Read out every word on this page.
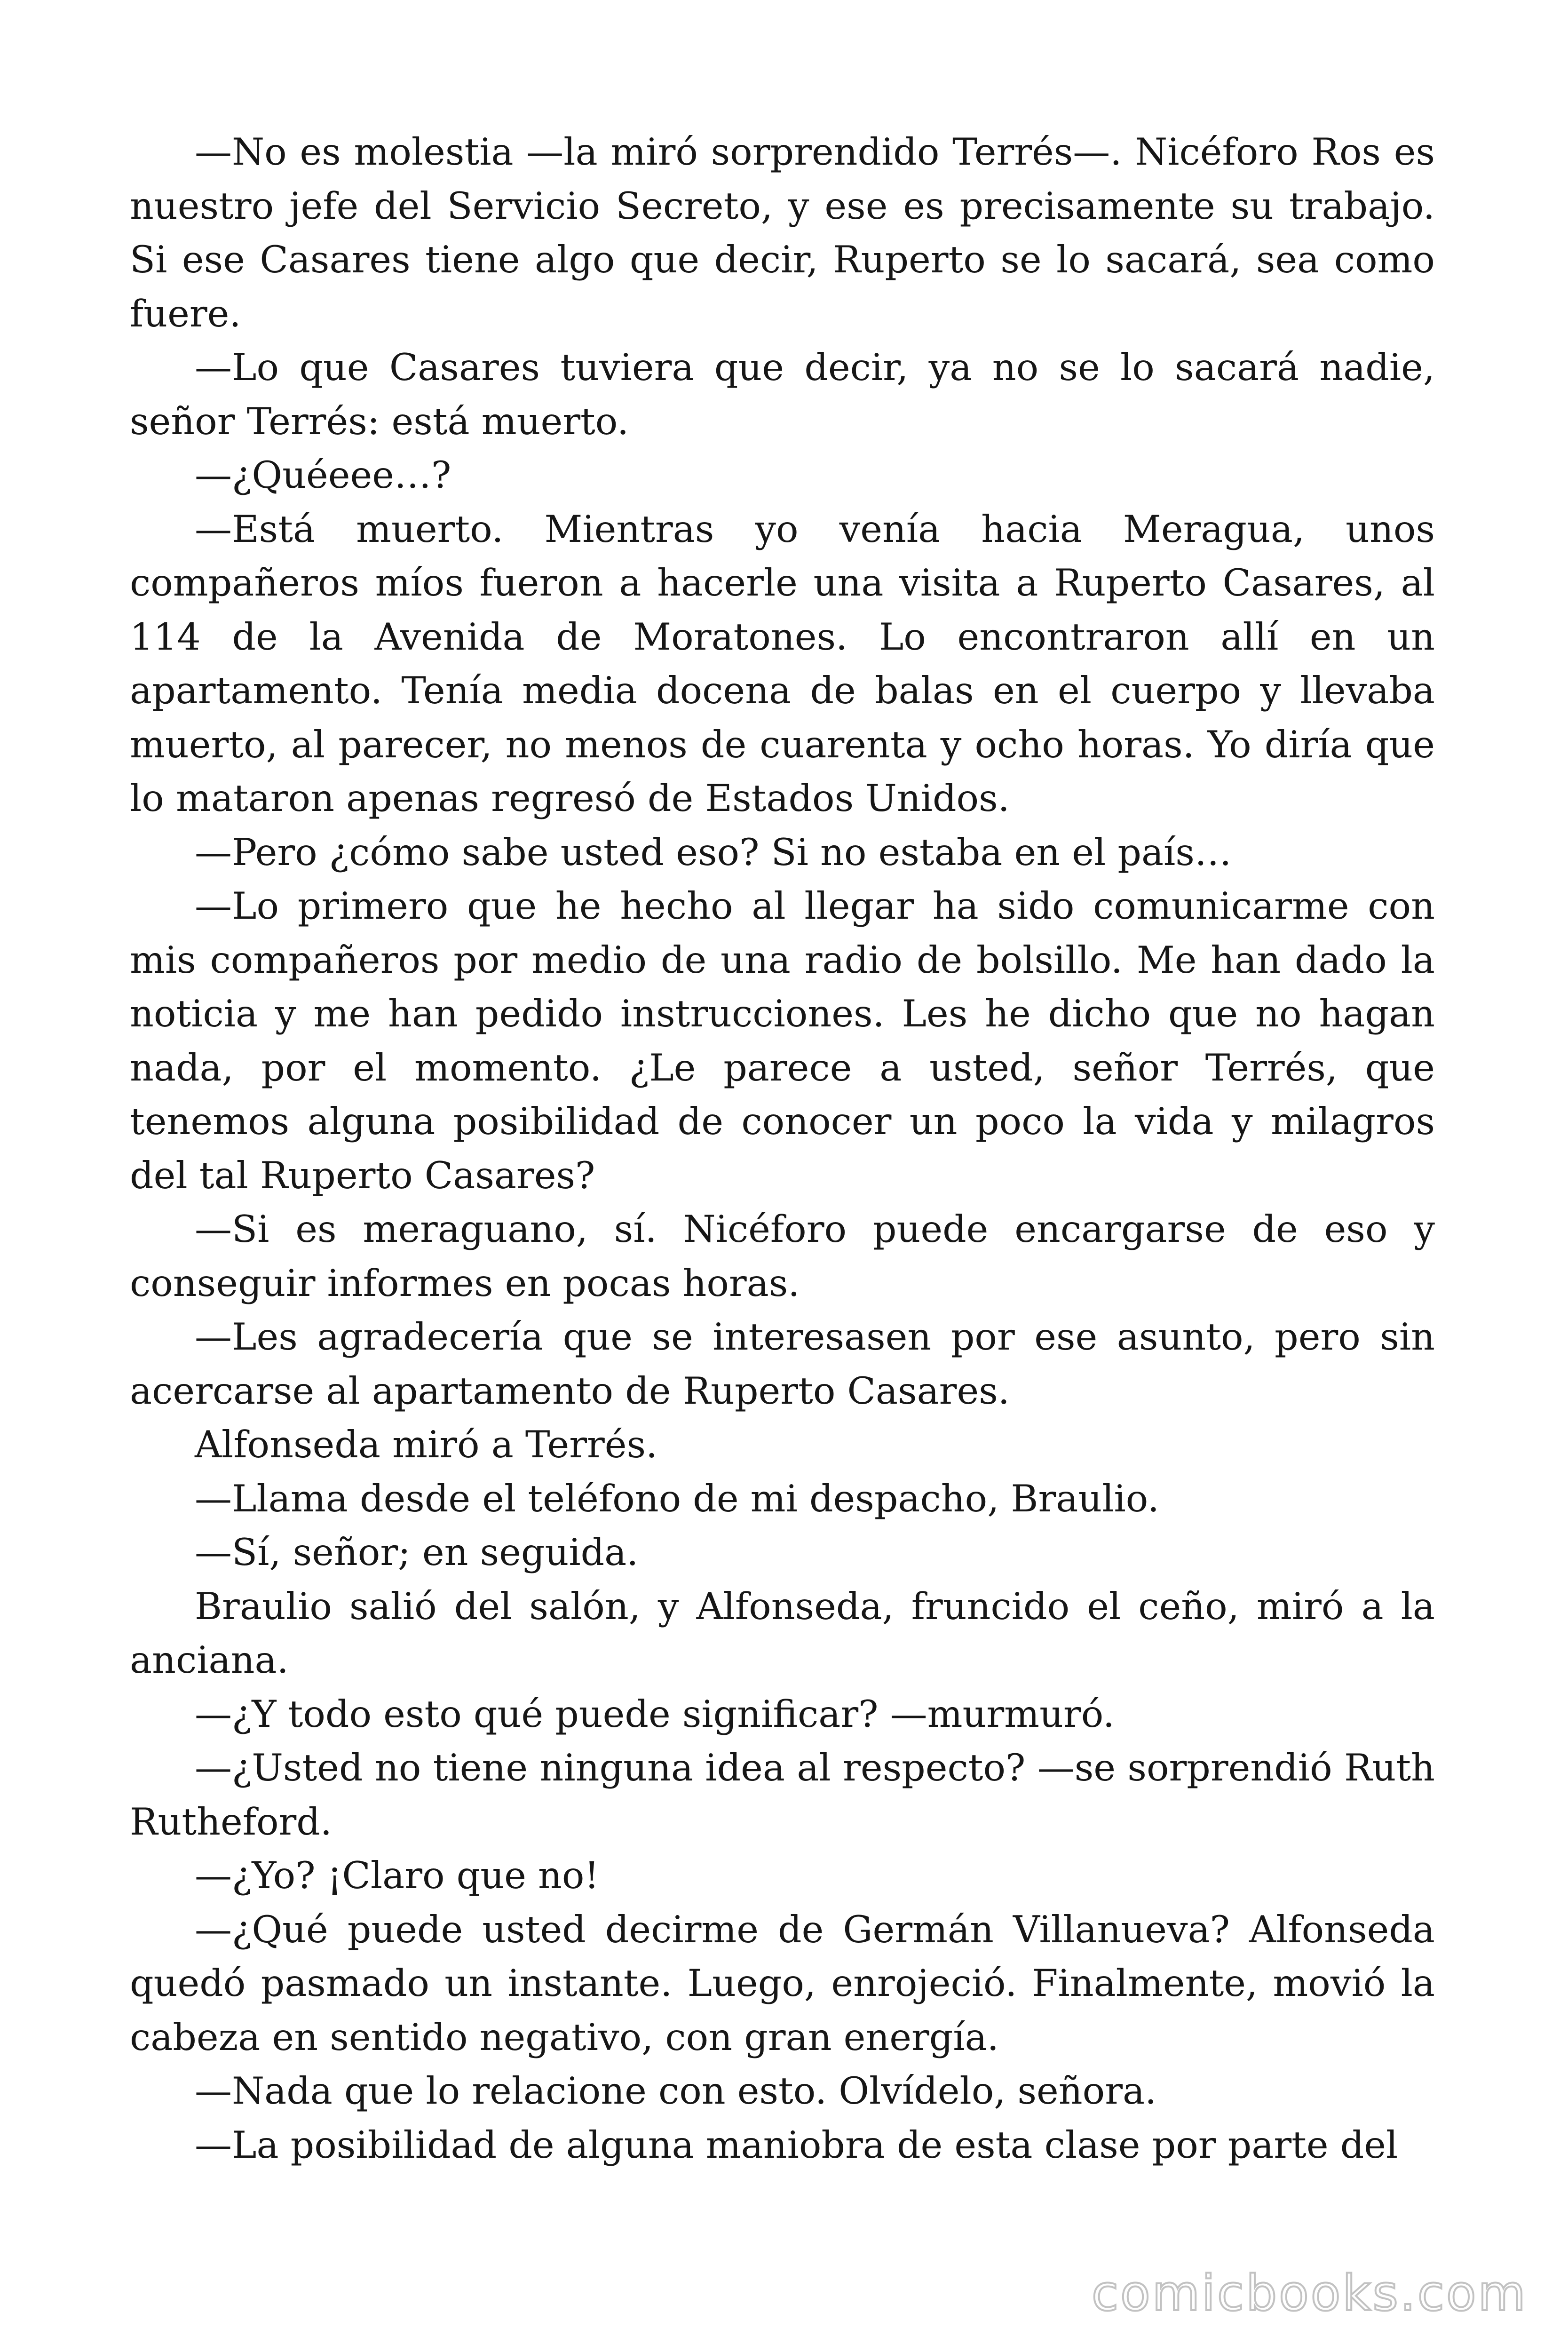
—No es molestia —la miró sorprendido Terrés—. Nicéforo Ros es nuestro jefe del Servicio Secreto, y ese es precisamente su trabajo. Si ese Casares tiene algo que decir, Ruperto se lo sacará, sea como fuere.

—Lo que Casares tuviera que decir, ya no se lo sacará nadie, señor Terrés: está muerto.

—¿Quéeee…?

—Está muerto. Mientras yo venía hacia Meragua, unos compañeros míos fueron a hacerle una visita a Ruperto Casares, al 114 de la Avenida de Moratones. Lo encontraron allí en un apartamento. Tenía media docena de balas en el cuerpo y llevaba muerto, al parecer, no menos de cuarenta y ocho horas. Yo diría que lo mataron apenas regresó de Estados Unidos.

—Pero ¿cómo sabe usted eso? Si no estaba en el país…

—Lo primero que he hecho al llegar ha sido comunicarme con mis compañeros por medio de una radio de bolsillo. Me han dado la noticia y me han pedido instrucciones. Les he dicho que no hagan nada, por el momento. ¿Le parece a usted, señor Terrés, que tenemos alguna posibilidad de conocer un poco la vida y milagros del tal Ruperto Casares?

—Si es meraguano, sí. Nicéforo puede encargarse de eso y conseguir informes en pocas horas.

—Les agradecería que se interesasen por ese asunto, pero sin acercarse al apartamento de Ruperto Casares.

Alfonseda miró a Terrés.

—Llama desde el teléfono de mi despacho, Braulio.

—Sí, señor; en seguida.

Braulio salió del salón, y Alfonseda, fruncido el ceño, miró a la anciana.

—¿Y todo esto qué puede significar? —murmuró.

—¿Usted no tiene ninguna idea al respecto? —se sorprendió Ruth Rutheford.

—¿Yo? ¡Claro que no!

—¿Qué puede usted decirme de Germán Villanueva? Alfonseda quedó pasmado un instante. Luego, enrojeció. Finalmente, movió la cabeza en sentido negativo, con gran energía.

—Nada que lo relacione con esto. Olvídelo, señora.

—La posibilidad de alguna maniobra de esta clase por parte del

comicbooks.com
